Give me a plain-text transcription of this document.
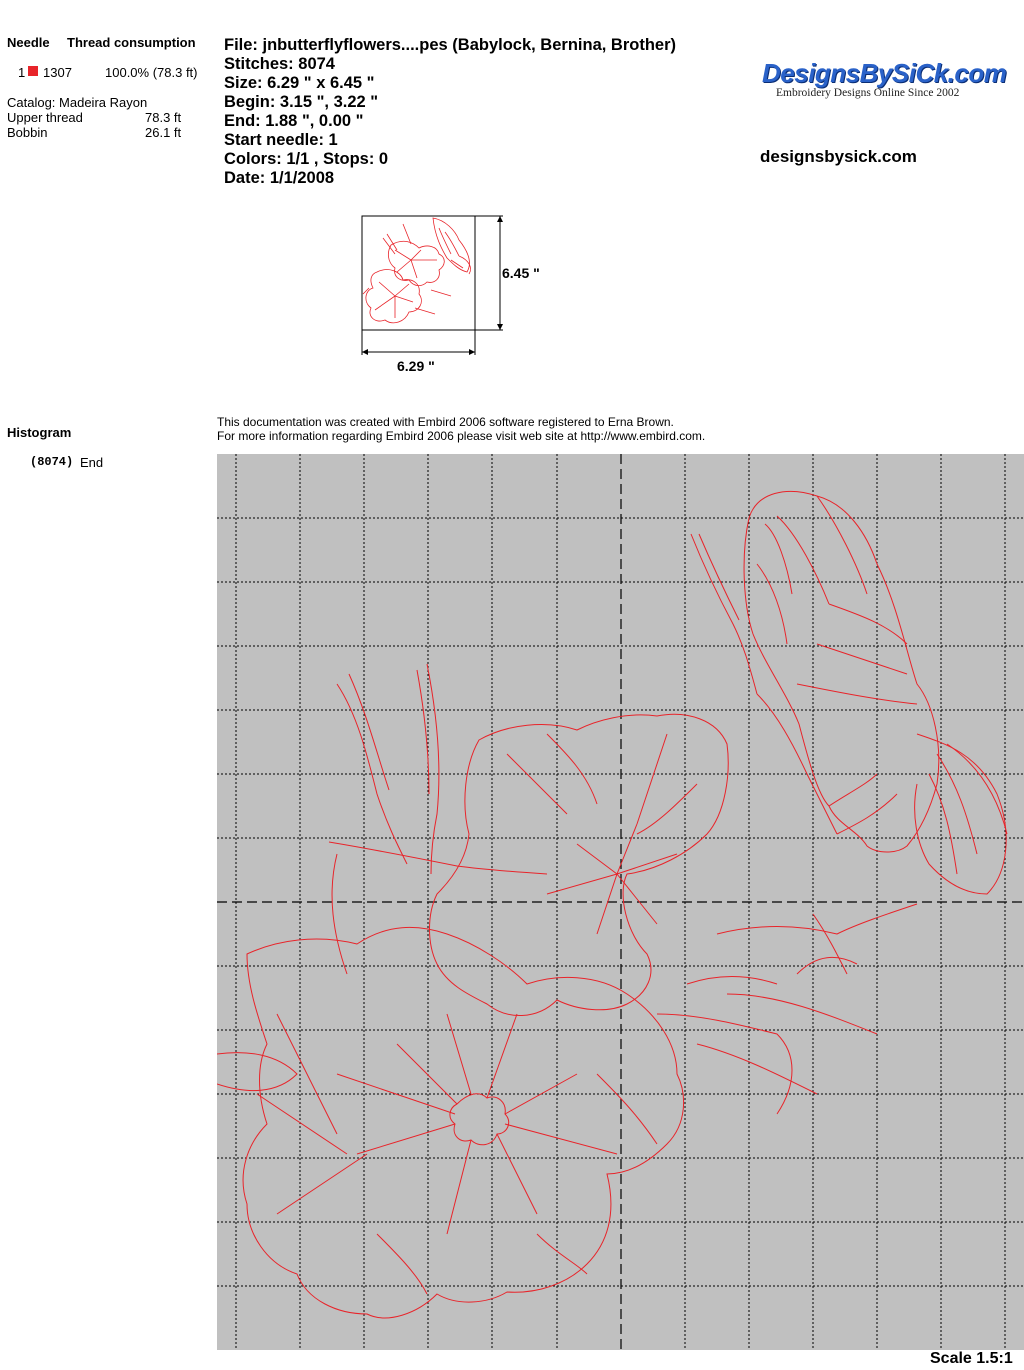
Needle Thread consumption
1 1307	100.0% (78.3 ft)
Catalog: Madeira Rayon
Upper thread	78.3 ft
Bobbin	26.1 ft
Histogram
(8074) End
File: jnbutterflyflowers....pes (Babylock, Bernina, Brother)
Stitches: 8074
Size: 6.29 " x 6.45 "
Begin: 3.15 ", 3.22 "
End: 1.88 ", 0.00 "
Start needle: 1
Colors: 1/1 , Stops: 0
Date: 1/1/2008
DesignsBySiCk.com
Embroidery Designs Online Since 2002
designsbysick.com
6.45 "
6.29 "
This documentation was created with Embird 2006 software registered to Erna Brown.
For more information regarding Embird 2006 please visit web site at http://www.embird.com.
Scale 1.5:1
